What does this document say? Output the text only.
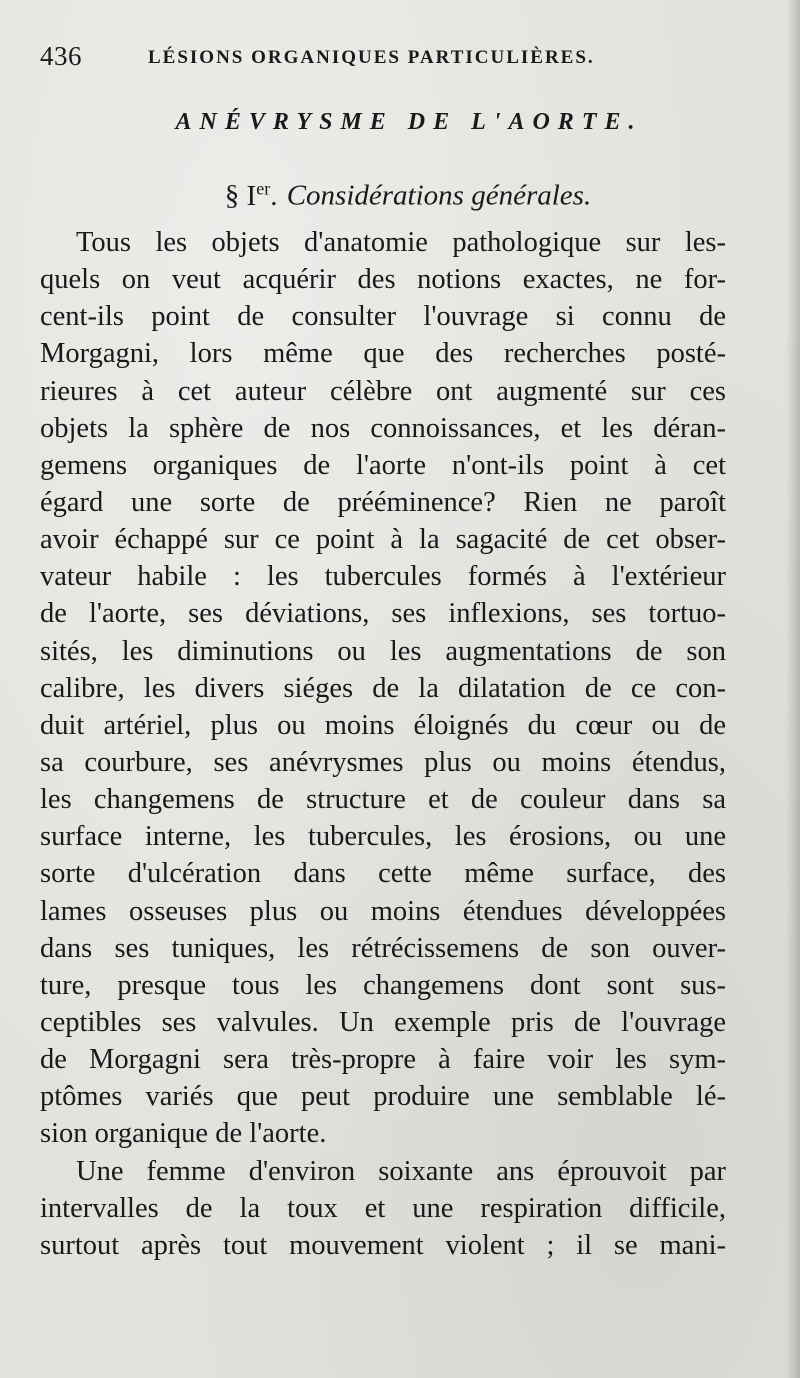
436	LÉSIONS ORGANIQUES PARTICULIÈRES.
ANÉVRYSME DE L'AORTE.
§ Ier. Considérations générales.
Tous les objets d'anatomie pathologique sur les-
quels on veut acquérir des notions exactes, ne for-
cent-ils point de consulter l'ouvrage si connu de
Morgagni, lors même que des recherches posté-
rieures à cet auteur célèbre ont augmenté sur ces
objets la sphère de nos connoissances, et les déran-
gemens organiques de l'aorte n'ont-ils point à cet
égard une sorte de prééminence? Rien ne paroît
avoir échappé sur ce point à la sagacité de cet obser-
vateur habile : les tubercules formés à l'extérieur
de l'aorte, ses déviations, ses inflexions, ses tortuo-
sités, les diminutions ou les augmentations de son
calibre, les divers siéges de la dilatation de ce con-
duit artériel, plus ou moins éloignés du cœur ou de
sa courbure, ses anévrysmes plus ou moins étendus,
les changemens de structure et de couleur dans sa
surface interne, les tubercules, les érosions, ou une
sorte d'ulcération dans cette même surface, des
lames osseuses plus ou moins étendues développées
dans ses tuniques, les rétrécissemens de son ouver-
ture, presque tous les changemens dont sont sus-
ceptibles ses valvules. Un exemple pris de l'ouvrage
de Morgagni sera très-propre à faire voir les sym-
ptômes variés que peut produire une semblable lé-
sion organique de l'aorte.
Une femme d'environ soixante ans éprouvoit par
intervalles de la toux et une respiration difficile,
surtout après tout mouvement violent ; il se mani-
